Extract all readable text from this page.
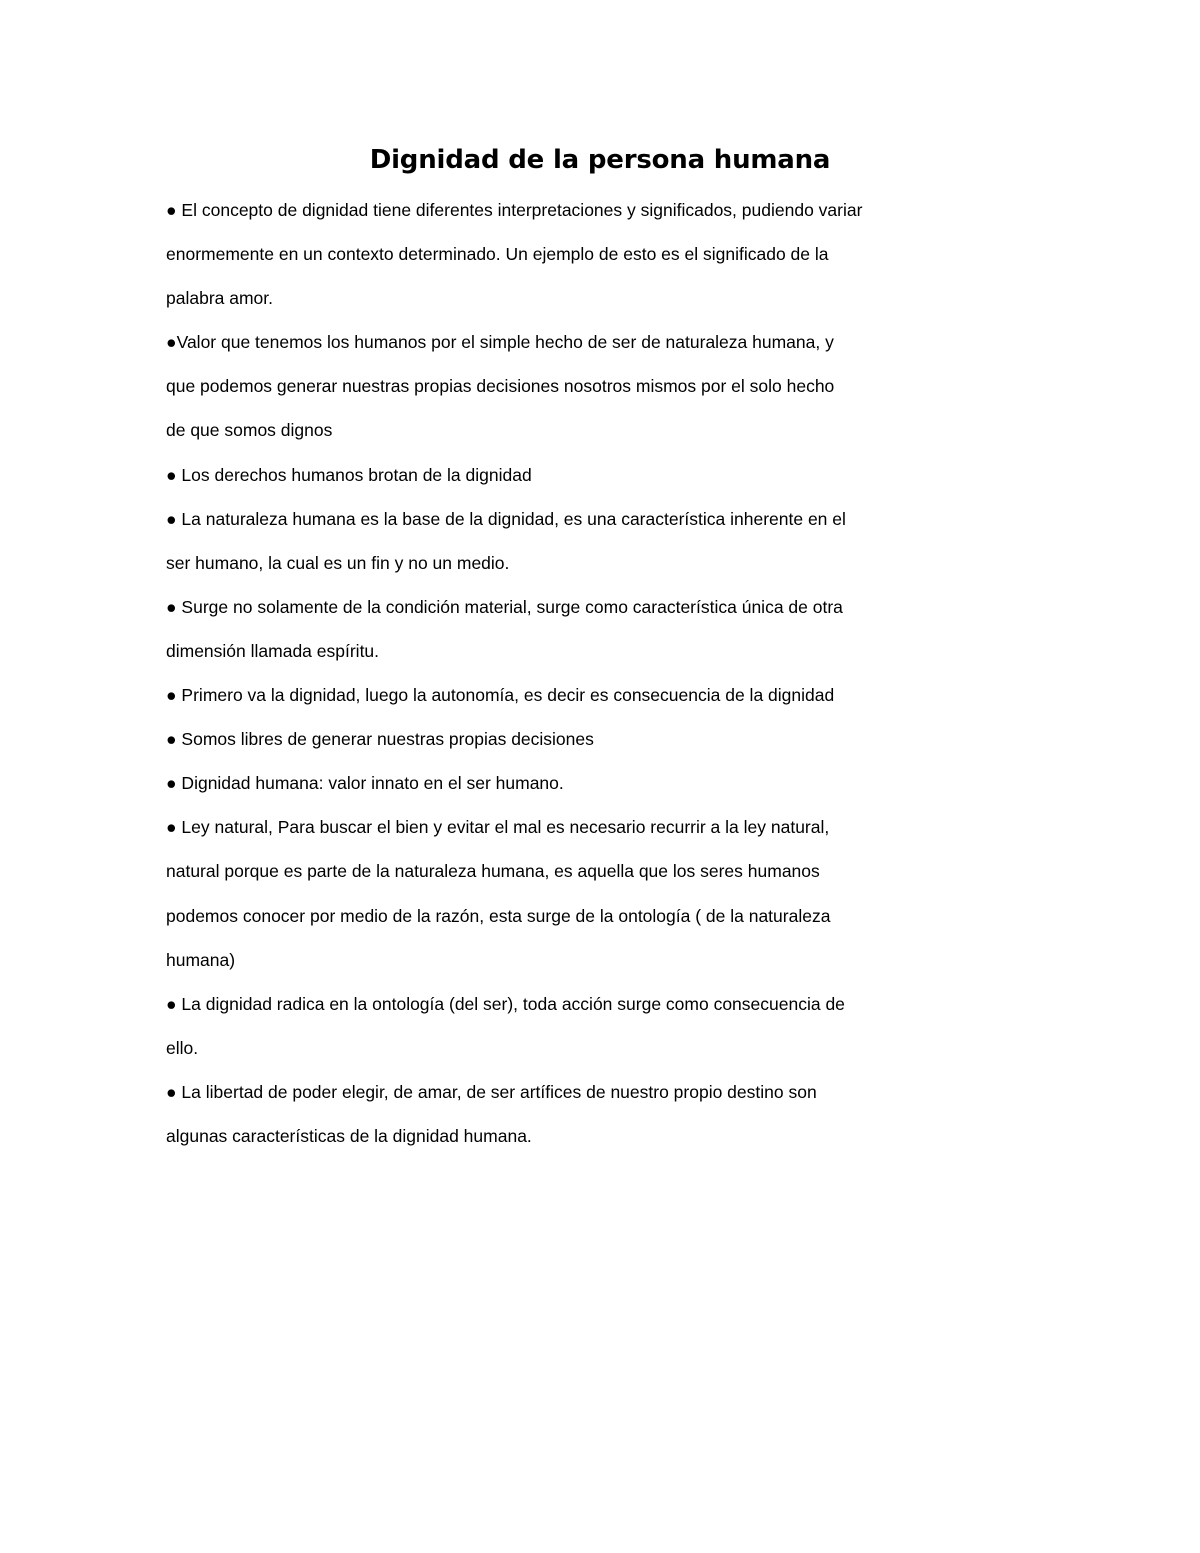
Dignidad de la persona humana
● El concepto de dignidad tiene diferentes interpretaciones y significados, pudiendo variar
enormemente en un contexto determinado. Un ejemplo de esto es el significado de la
palabra amor.
●Valor que tenemos los humanos por el simple hecho de ser de naturaleza humana, y
que podemos generar nuestras propias decisiones nosotros mismos por el solo hecho
de que somos dignos
● Los derechos humanos brotan de la dignidad
● La naturaleza humana es la base de la dignidad, es una característica inherente en el
ser humano, la cual es un fin y no un medio.
● Surge no solamente de la condición material, surge como característica única de otra
dimensión llamada espíritu.
● Primero va la dignidad, luego la autonomía, es decir es consecuencia de la dignidad
● Somos libres de generar nuestras propias decisiones
● Dignidad humana: valor innato en el ser humano.
● Ley natural, Para buscar el bien y evitar el mal es necesario recurrir a la ley natural,
natural porque es parte de la naturaleza humana, es aquella que los seres humanos
podemos conocer por medio de la razón, esta surge de la ontología ( de la naturaleza
humana)
● La dignidad radica en la ontología (del ser), toda acción surge como consecuencia de
ello.
● La libertad de poder elegir, de amar, de ser artífices de nuestro propio destino son
algunas características de la dignidad humana.
